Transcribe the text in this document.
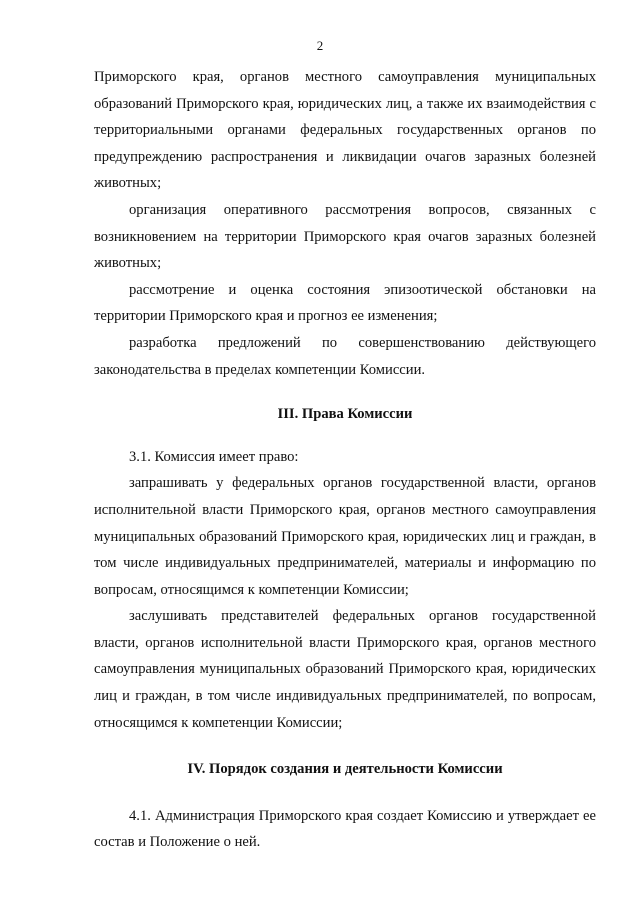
2

Приморского края, органов местного самоуправления муниципальных образований Приморского края, юридических лиц, а также их взаимодействия с территориальными органами федеральных государственных органов по предупреждению распространения и ликвидации очагов заразных болезней животных;

организация оперативного рассмотрения вопросов, связанных с возникновением на территории Приморского края очагов заразных болезней животных;

рассмотрение и оценка состояния эпизоотической обстановки на территории Приморского края и прогноз ее изменения;

разработка предложений по совершенствованию действующего законодательства в пределах компетенции Комиссии.

III. Права Комиссии

3.1. Комиссия имеет право:

запрашивать у федеральных органов государственной власти, органов исполнительной власти Приморского края, органов местного самоуправления муниципальных образований Приморского края, юридических лиц и граждан, в том числе индивидуальных предпринимателей, материалы и информацию по вопросам, относящимся к компетенции Комиссии;

заслушивать представителей федеральных органов государственной власти, органов исполнительной власти Приморского края, органов местного самоуправления муниципальных образований Приморского края, юридических лиц и граждан, в том числе индивидуальных предпринимателей, по вопросам, относящимся к компетенции Комиссии;

IV. Порядок создания и деятельности Комиссии

4.1. Администрация Приморского края создает Комиссию и утверждает ее состав и Положение о ней.
